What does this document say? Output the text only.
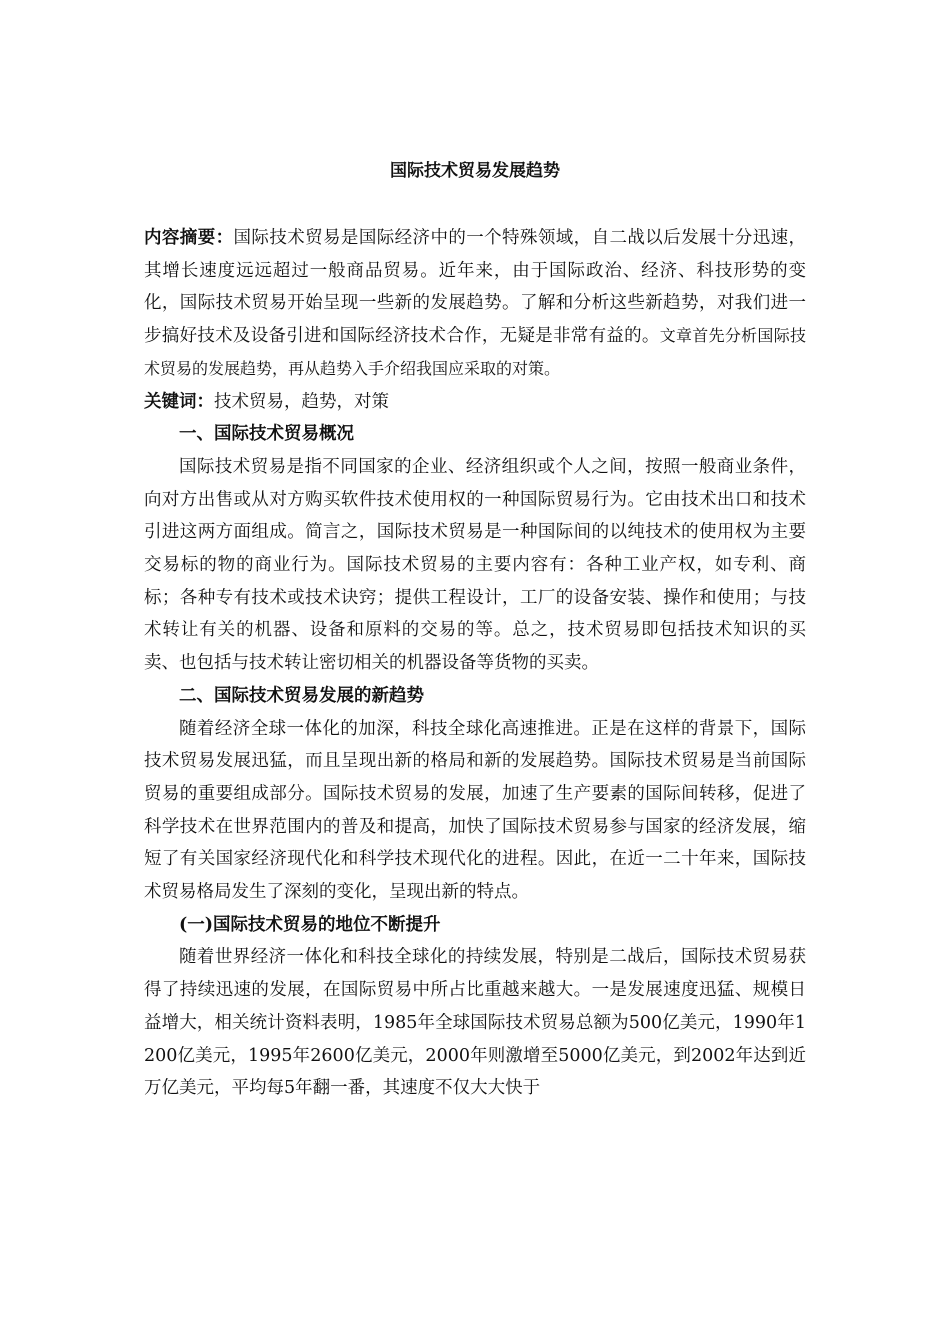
国际技术贸易发展趋势

内容摘要：国际技术贸易是国际经济中的一个特殊领域，自二战以后发展十分迅速，其增长速度远远超过一般商品贸易。近年来，由于国际政治、经济、科技形势的变化，国际技术贸易开始呈现一些新的发展趋势。了解和分析这些新趋势，对我们进一步搞好技术及设备引进和国际经济技术合作，无疑是非常有益的。文章首先分析国际技术贸易的发展趋势，再从趋势入手介绍我国应采取的对策。

关键词：技术贸易，趋势，对策

一、国际技术贸易概况

国际技术贸易是指不同国家的企业、经济组织或个人之间，按照一般商业条件，向对方出售或从对方购买软件技术使用权的一种国际贸易行为。它由技术出口和技术引进这两方面组成。简言之，国际技术贸易是一种国际间的以纯技术的使用权为主要交易标的物的商业行为。国际技术贸易的主要内容有：各种工业产权，如专利、商标；各种专有技术或技术诀窍；提供工程设计，工厂的设备安装、操作和使用；与技术转让有关的机器、设备和原料的交易的等。总之，技术贸易即包括技术知识的买卖、也包括与技术转让密切相关的机器设备等货物的买卖。

二、国际技术贸易发展的新趋势

随着经济全球一体化的加深，科技全球化高速推进。正是在这样的背景下，国际技术贸易发展迅猛，而且呈现出新的格局和新的发展趋势。国际技术贸易是当前国际贸易的重要组成部分。国际技术贸易的发展，加速了生产要素的国际间转移，促进了科学技术在世界范围内的普及和提高，加快了国际技术贸易参与国家的经济发展，缩短了有关国家经济现代化和科学技术现代化的进程。因此，在近一二十年来，国际技术贸易格局发生了深刻的变化，呈现出新的特点。

(一)国际技术贸易的地位不断提升

随着世界经济一体化和科技全球化的持续发展，特别是二战后，国际技术贸易获得了持续迅速的发展，在国际贸易中所占比重越来越大。一是发展速度迅猛、规模日益增大，相关统计资料表明，1985年全球国际技术贸易总额为500亿美元，1990年1200亿美元，1995年2600亿美元，2000年则激增至5000亿美元，到2002年达到近万亿美元，平均每5年翻一番，其速度不仅大大快于
